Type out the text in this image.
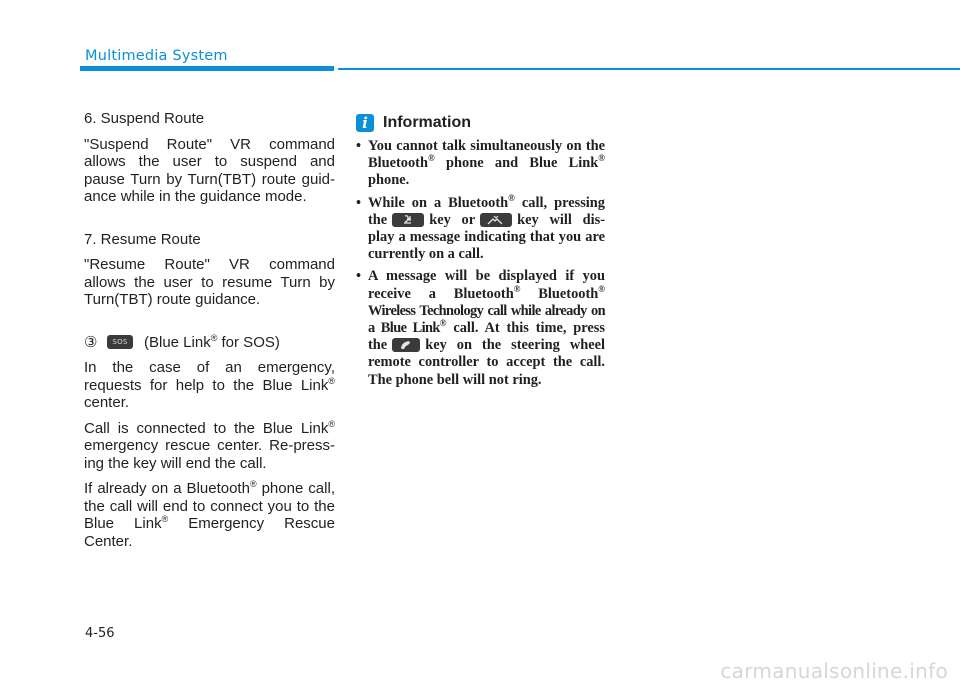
Multimedia System

6. Suspend Route

"Suspend Route" VR command allows the user to suspend and pause Turn by Turn(TBT) route guid-ance while in the guidance mode.

7. Resume Route

"Resume Route" VR command allows the user to resume Turn by Turn(TBT) route guidance.

③	SOS	(Blue Link® for SOS)

In the case of an emergency, requests for help to the Blue Link® center.

Call is connected to the Blue Link® emergency rescue center. Re-press-ing the key will end the call.

If already on a Bluetooth® phone call, the call will end to connect you to the Blue Link® Emergency Rescue Center.

i Information
• You cannot talk simultaneously on the Bluetooth® phone and Blue Link® phone.
• While on a Bluetooth® call, pressing the	key or	key will dis-play a message indicating that you are currently on a call.
• A message will be displayed if you receive a Bluetooth® Bluetooth® Wireless Technology call while already on a Blue Link® call. At this time, press the	key on the steering wheel remote controller to accept the call. The phone bell will not ring.
4-56
carmanualsonline.info
